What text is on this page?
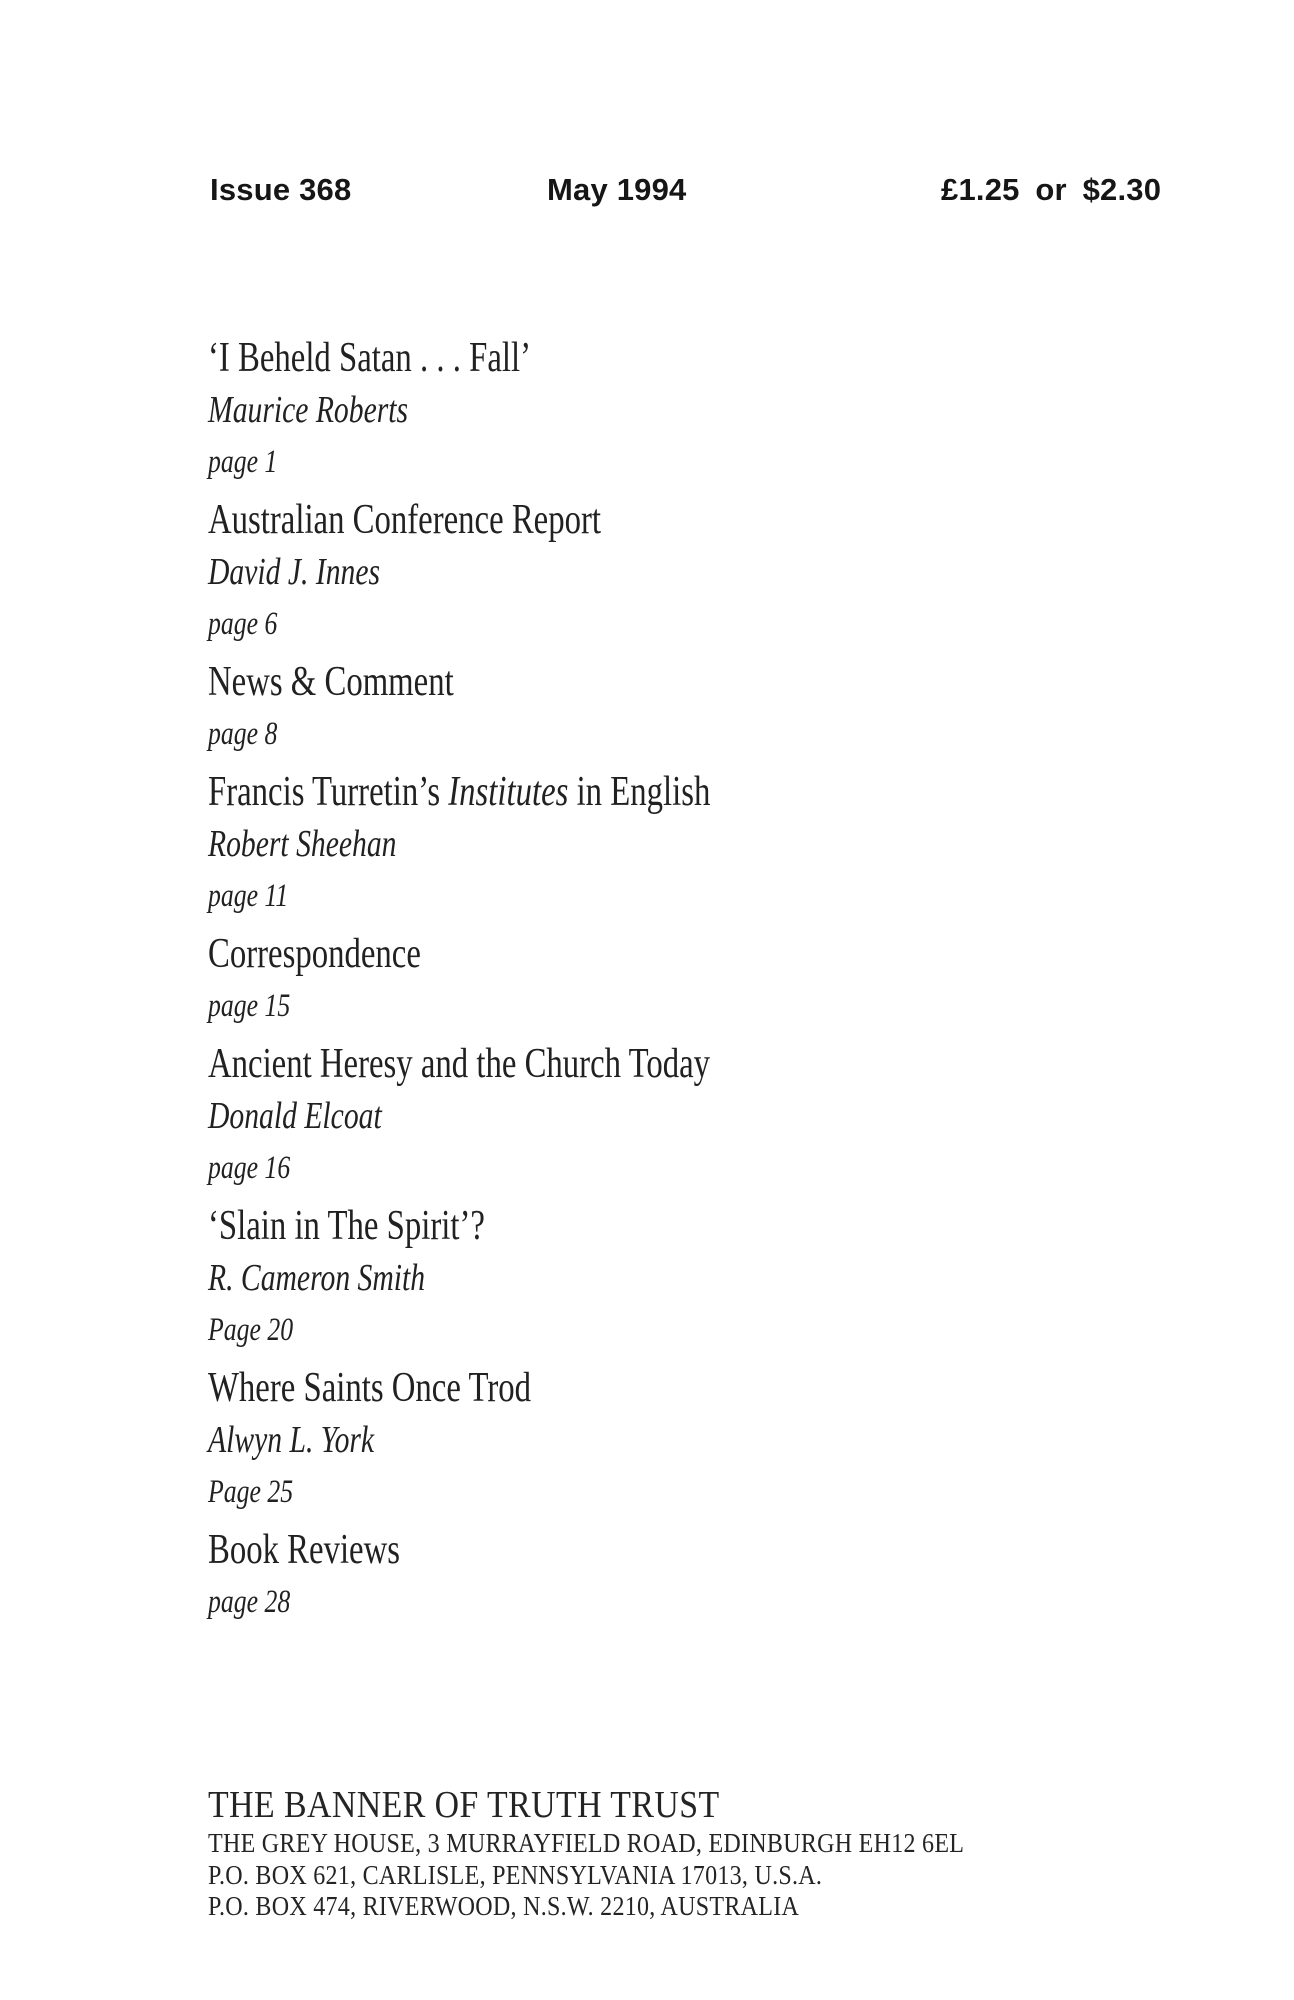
Issue 368	May 1994	£1.25 or $2.30
‘I Beheld Satan . . . Fall’
Maurice Roberts
page 1
Australian Conference Report
David J. Innes
page 6
News & Comment
page 8
Francis Turretin’s Institutes in English
Robert Sheehan
page 11
Correspondence
page 15
Ancient Heresy and the Church Today
Donald Elcoat
page 16
‘Slain in The Spirit’?
R. Cameron Smith
Page 20
Where Saints Once Trod
Alwyn L. York
Page 25
Book Reviews
page 28
THE BANNER OF TRUTH TRUST
THE GREY HOUSE, 3 MURRAYFIELD ROAD, EDINBURGH EH12 6EL
P.O. BOX 621, CARLISLE, PENNSYLVANIA 17013, U.S.A.
P.O. BOX 474, RIVERWOOD, N.S.W. 2210, AUSTRALIA
